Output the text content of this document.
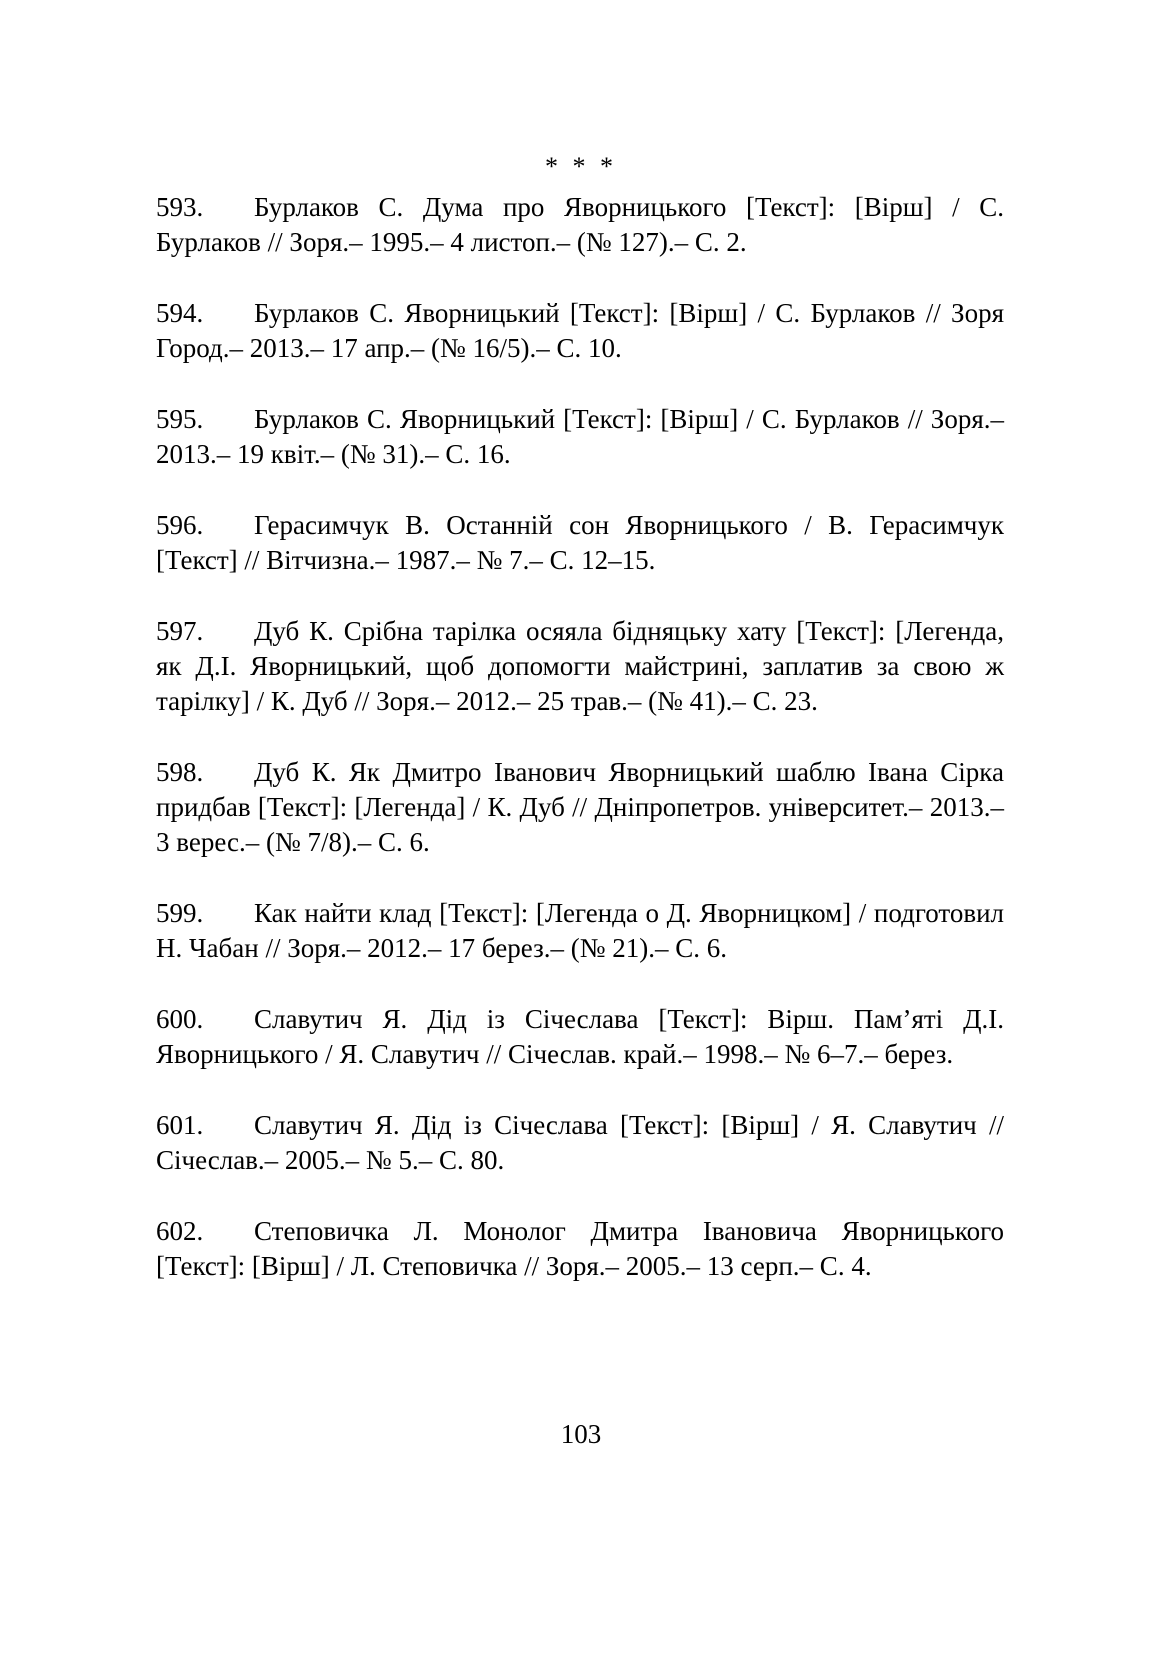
* * *

593. Бурлаков С. Дума про Яворницького [Текст]: [Вірш] / С. Бурлаков // Зоря.– 1995.– 4 листоп.– (№ 127).– С. 2.

594. Бурлаков С. Яворницький [Текст]: [Вірш] / С. Бурлаков // Зоря Город.– 2013.– 17 апр.– (№ 16/5).– С. 10.

595. Бурлаков С. Яворницький [Текст]: [Вірш] / С. Бурлаков // Зоря.– 2013.– 19 квіт.– (№ 31).– С. 16.

596. Герасимчук В. Останній сон Яворницького / В. Герасимчук [Текст] // Вітчизна.– 1987.– № 7.– С. 12–15.

597. Дуб К. Срібна тарілка осяяла бідняцьку хату [Текст]: [Легенда, як Д.І. Яворницький, щоб допомогти майстрині, заплатив за свою ж тарілку] / К. Дуб // Зоря.– 2012.– 25 трав.– (№ 41).– С. 23.

598. Дуб К. Як Дмитро Іванович Яворницький шаблю Івана Сірка придбав [Текст]: [Легенда] / К. Дуб // Дніпропетров. університет.– 2013.– 3 верес.– (№ 7/8).– С. 6.

599. Как найти клад [Текст]: [Легенда о Д. Яворницком] / подготовил Н. Чабан // Зоря.– 2012.– 17 берез.– (№ 21).– С. 6.

600. Славутич Я. Дід із Січеслава [Текст]: Вірш. Пам’яті Д.І. Яворницького / Я. Славутич // Січеслав. край.– 1998.– № 6–7.– берез.

601. Славутич Я. Дід із Січеслава [Текст]: [Вірш] / Я. Славутич // Січеслав.– 2005.– № 5.– С. 80.

602. Степовичка Л. Монолог Дмитра Івановича Яворницького [Текст]: [Вірш] / Л. Степовичка // Зоря.– 2005.– 13 серп.– С. 4.

103
